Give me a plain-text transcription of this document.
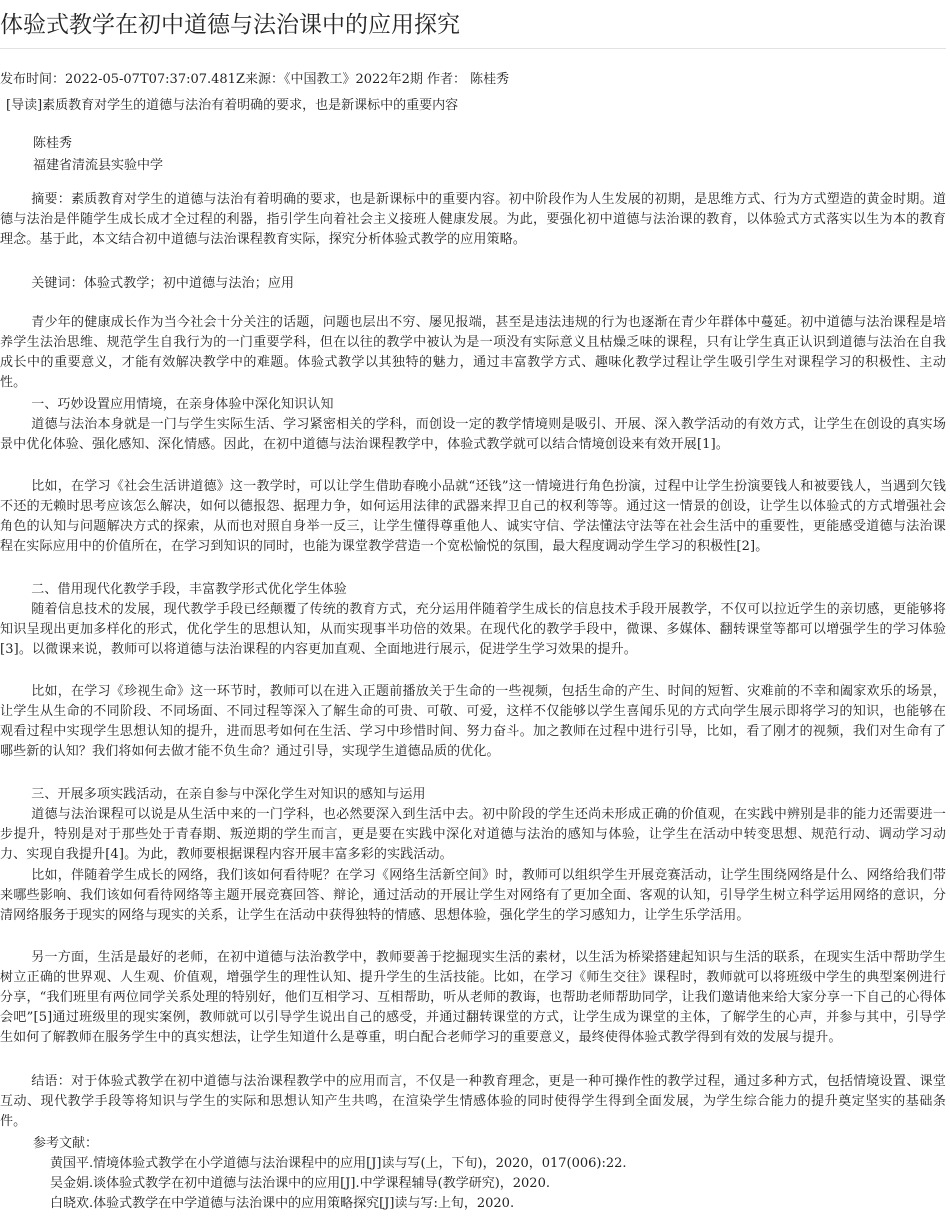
体验式教学在初中道德与法治课中的应用探究
发布时间：2022-05-07T07:37:07.481Z来源：《中国教工》2022年2期 作者： 陈桂秀
[导读]素质教育对学生的道德与法治有着明确的要求，也是新课标中的重要内容
陈桂秀
福建省清流县实验中学

摘要：素质教育对学生的道德与法治有着明确的要求，也是新课标中的重要内容。初中阶段作为人生发展的初期，是思维方式、行为方式塑造的黄金时期。道德与法治是伴随学生成长成才全过程的利器，指引学生向着社会主义接班人健康发展。为此，要强化初中道德与法治课的教育，以体验式方式落实以生为本的教育理念。基于此，本文结合初中道德与法治课程教育实际，探究分析体验式教学的应用策略。

关键词：体验式教学；初中道德与法治；应用

青少年的健康成长作为当今社会十分关注的话题，问题也层出不穷、屡见报端，甚至是违法违规的行为也逐渐在青少年群体中蔓延。初中道德与法治课程是培养学生法治思维、规范学生自我行为的一门重要学科，但在以往的教学中被认为是一项没有实际意义且枯燥乏味的课程，只有让学生真正认识到道德与法治在自我成长中的重要意义，才能有效解决教学中的难题。体验式教学以其独特的魅力，通过丰富教学方式、趣味化教学过程让学生吸引学生对课程学习的积极性、主动性。

一、巧妙设置应用情境，在亲身体验中深化知识认知

道德与法治本身就是一门与学生实际生活、学习紧密相关的学科，而创设一定的教学情境则是吸引、开展、深入教学活动的有效方式，让学生在创设的真实场景中优化体验、强化感知、深化情感。因此，在初中道德与法治课程教学中，体验式教学就可以结合情境创设来有效开展[1]。

比如，在学习《社会生活讲道德》这一教学时，可以让学生借助春晚小品就“还钱”这一情境进行角色扮演，过程中让学生扮演要钱人和被要钱人，当遇到欠钱不还的无赖时思考应该怎么解决，如何以德报怨、据理力争，如何运用法律的武器来捍卫自己的权利等等。通过这一情景的创设，让学生以体验式的方式增强社会角色的认知与问题解决方式的探索，从而也对照自身举一反三，让学生懂得尊重他人、诚实守信、学法懂法守法等在社会生活中的重要性，更能感受道德与法治课程在实际应用中的价值所在，在学习到知识的同时，也能为课堂教学营造一个宽松愉悦的氛围，最大程度调动学生学习的积极性[2]。

二、借用现代化教学手段，丰富教学形式优化学生体验

随着信息技术的发展，现代教学手段已经颠覆了传统的教育方式，充分运用伴随着学生成长的信息技术手段开展教学，不仅可以拉近学生的亲切感，更能够将知识呈现出更加多样化的形式，优化学生的思想认知，从而实现事半功倍的效果。在现代化的教学手段中，微课、多媒体、翻转课堂等都可以增强学生的学习体验[3]。以微课来说，教师可以将道德与法治课程的内容更加直观、全面地进行展示，促进学生学习效果的提升。

比如，在学习《珍视生命》这一环节时，教师可以在进入正题前播放关于生命的一些视频，包括生命的产生、时间的短暂、灾难前的不幸和阖家欢乐的场景，让学生从生命的不同阶段、不同场面、不同过程等深入了解生命的可贵、可敬、可爱，这样不仅能够以学生喜闻乐见的方式向学生展示即将学习的知识，也能够在观看过程中实现学生思想认知的提升，进而思考如何在生活、学习中珍惜时间、努力奋斗。加之教师在过程中进行引导，比如，看了刚才的视频，我们对生命有了哪些新的认知？我们将如何去做才能不负生命？通过引导，实现学生道德品质的优化。

三、开展多项实践活动，在亲自参与中深化学生对知识的感知与运用

道德与法治课程可以说是从生活中来的一门学科，也必然要深入到生活中去。初中阶段的学生还尚未形成正确的价值观，在实践中辨别是非的能力还需要进一步提升，特别是对于那些处于青春期、叛逆期的学生而言，更是要在实践中深化对道德与法治的感知与体验，让学生在活动中转变思想、规范行动、调动学习动力、实现自我提升[4]。为此，教师要根据课程内容开展丰富多彩的实践活动。

比如，伴随着学生成长的网络，我们该如何看待呢？在学习《网络生活新空间》时，教师可以组织学生开展竞赛活动，让学生围绕网络是什么、网络给我们带来哪些影响、我们该如何看待网络等主题开展竞赛回答、辩论，通过活动的开展让学生对网络有了更加全面、客观的认知，引导学生树立科学运用网络的意识，分清网络服务于现实的网络与现实的关系，让学生在活动中获得独特的情感、思想体验，强化学生的学习感知力，让学生乐学活用。

另一方面，生活是最好的老师，在初中道德与法治教学中，教师要善于挖掘现实生活的素材，以生活为桥梁搭建起知识与生活的联系，在现实生活中帮助学生树立正确的世界观、人生观、价值观，增强学生的理性认知、提升学生的生活技能。比如，在学习《师生交往》课程时，教师就可以将班级中学生的典型案例进行分享，“我们班里有两位同学关系处理的特别好，他们互相学习、互相帮助，听从老师的教诲，也帮助老师帮助同学，让我们邀请他来给大家分享一下自己的心得体会吧”[5]通过班级里的现实案例，教师就可以引导学生说出自己的感受，并通过翻转课堂的方式，让学生成为课堂的主体，了解学生的心声，并参与其中，引导学生如何了解教师在服务学生中的真实想法，让学生知道什么是尊重，明白配合老师学习的重要意义，最终使得体验式教学得到有效的发展与提升。

结语：对于体验式教学在初中道德与法治课程教学中的应用而言，不仅是一种教育理念，更是一种可操作性的教学过程，通过多种方式，包括情境设置、课堂互动、现代教学手段等将知识与学生的实际和思想认知产生共鸣，在渲染学生情感体验的同时使得学生得到全面发展，为学生综合能力的提升奠定坚实的基础条件。

参考文献：
黄国平.情境体验式教学在小学道德与法治课程中的应用[J]读与写(上，下旬)，2020，017(006):22.
吴金娟.谈体验式教学在初中道德与法治课中的应用[J].中学课程辅导(教学研究)，2020.
白晓欢.体验式教学在中学道德与法治课中的应用策略探究[J]读与写:上旬，2020.
